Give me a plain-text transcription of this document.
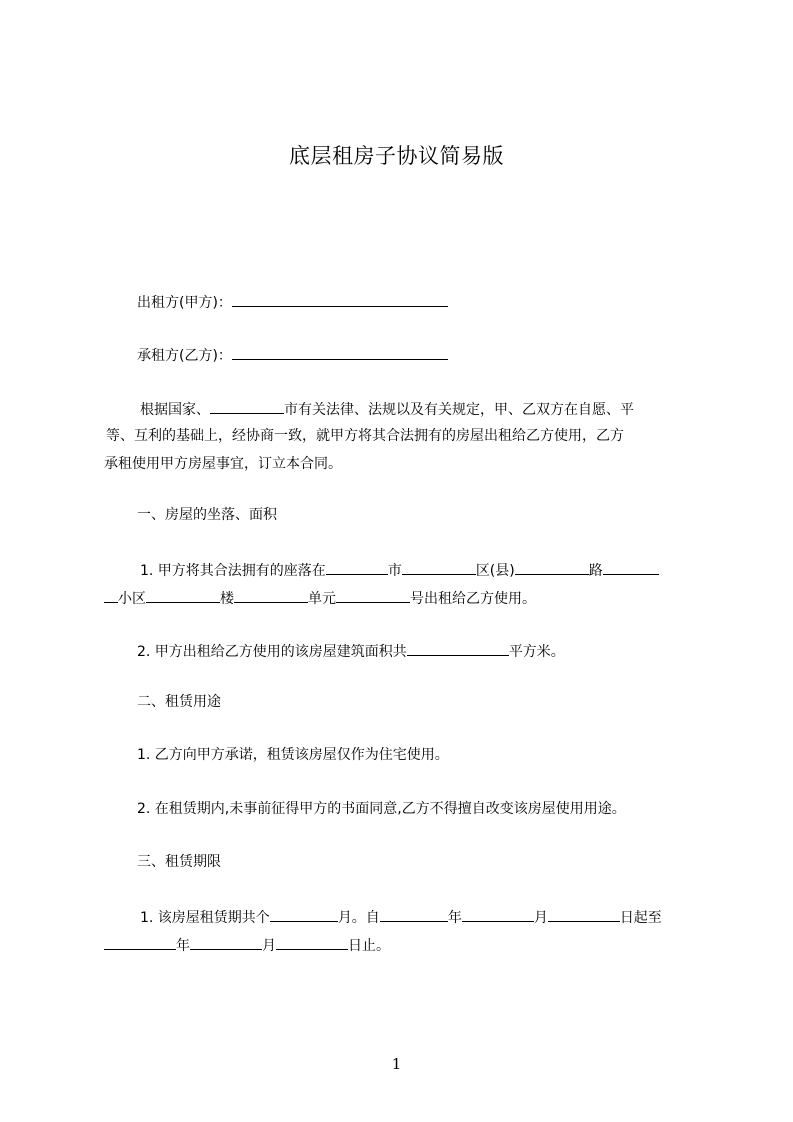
底层租房子协议简易版
出租方(甲方)：
承租方(乙方)：
根据国家、	市有关法律、法规以及有关规定，甲、乙双方在自愿、平
等、互利的基础上，经协商一致，就甲方将其合法拥有的房屋出租给乙方使用，乙方
承租使用甲方房屋事宜，订立本合同。
一、房屋的坐落、面积
1. 甲方将其合法拥有的座落在	市	区(县)	路
小区	楼	单元	号出租给乙方使用。
2. 甲方出租给乙方使用的该房屋建筑面积共	平方米。
二、租赁用途
1. 乙方向甲方承诺，租赁该房屋仅作为住宅使用。
2. 在租赁期内,未事前征得甲方的书面同意,乙方不得擅自改变该房屋使用用途。
三、租赁期限
1. 该房屋租赁期共个	月。自	年	月	日起至
年	月	日止。
1
